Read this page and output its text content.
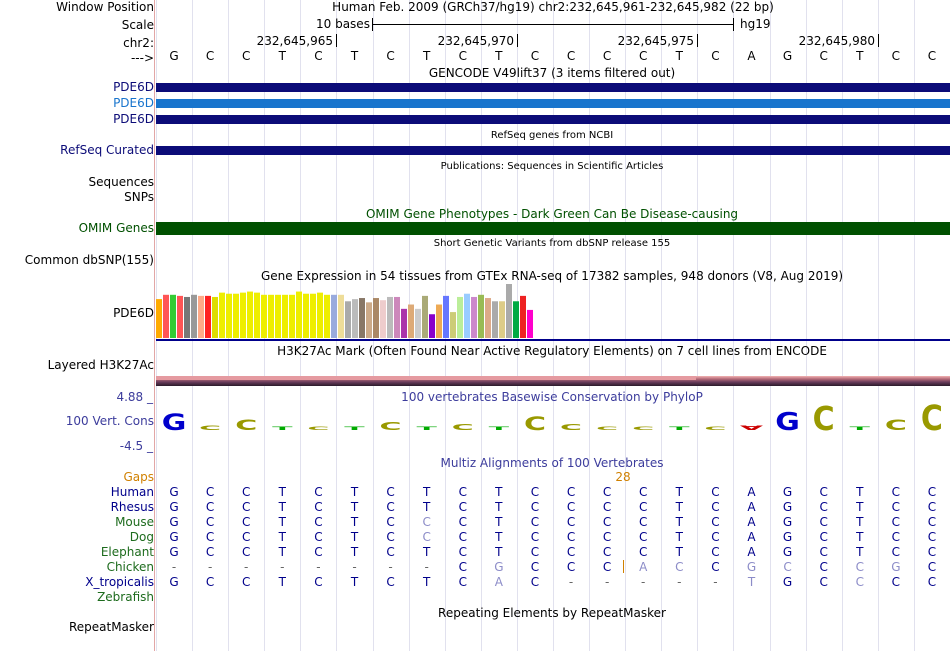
Window Position	Human Feb. 2009 (GRCh37/hg19) chr2:232,645,961-232,645,982 (22 bp)
Scale	10 bases	hg19
chr2:
--->
232,645,965	232,645,970	232,645,975	232,645,980
G	C	C	T	C	T	C	T	C	T	C	C	C	C	T	C	A	G	C	T	C	C
GENCODE V49lift37 (3 items filtered out)
PDE6D
PDE6D
PDE6D
RefSeq genes from NCBI
RefSeq Curated
Publications: Sequences in Scientific Articles
Sequences
SNPs
OMIM Gene Phenotypes - Dark Green Can Be Disease-causing
OMIM Genes
Short Genetic Variants from dbSNP release 155
Common dbSNP(155)
Gene Expression in 54 tissues from GTEx RNA-seq of 17382 samples, 948 donors (V8, Aug 2019)
PDE6D
H3K27Ac Mark (Often Found Near Active Regulatory Elements) on 7 cell lines from ENCODE
Layered H3K27Ac
100 vertebrates Basewise Conservation by PhyloP
4.88 _
100 Vert. Cons
-4.5 _
G C C T C T C T C T C C C C T C A G C T C C
Multiz Alignments of 100 Vertebrates
Gaps	28
Human	G	C	C	T	C	T	C	T	C	T	C	C	C	C	T	C	A	G	C	T	C	C
Rhesus	G	C	C	T	C	T	C	T	C	T	C	C	C	C	T	C	A	G	C	T	C	C
Mouse	G	C	C	T	C	T	C	C	C	T	C	C	C	C	T	C	A	G	C	T	C	C
Dog	G	C	C	T	C	T	C	C	C	T	C	C	C	C	T	C	A	G	C	T	C	C
Elephant	G	C	C	T	C	T	C	T	C	T	C	C	C	C	T	C	A	G	C	T	C	C
Chicken	-	-	-	-	-	-	-	-	C	G	C	C	C	A	C	C	G	C	C	C	G	C
X_tropicalis	G	C	C	T	C	T	C	T	C	A	C	-	-	-	-	-	T	G	C	C	C	C
Zebrafish
Repeating Elements by RepeatMasker
RepeatMasker
